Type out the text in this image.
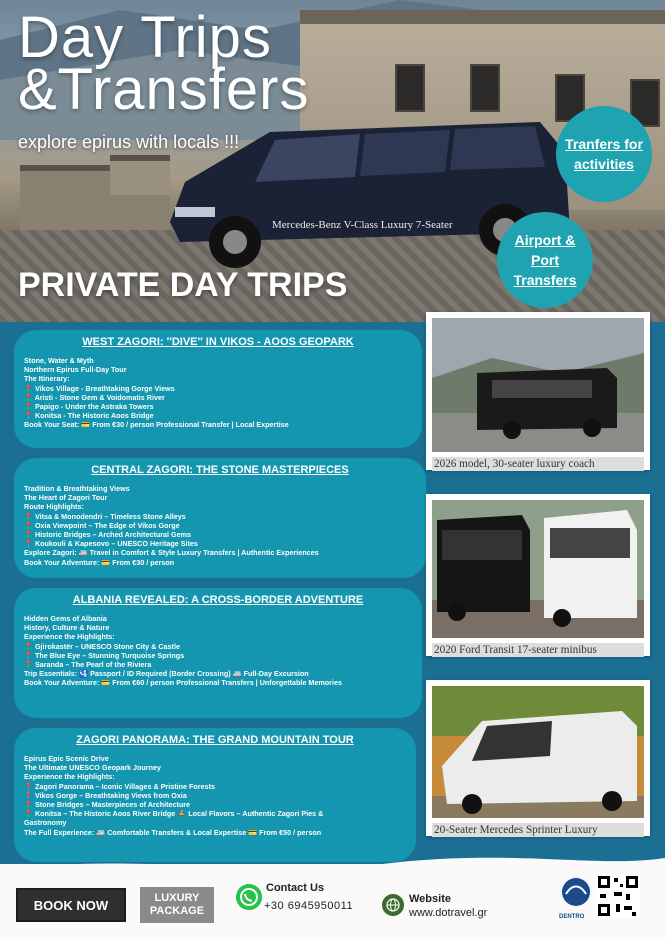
Day Trips
&Transfers
explore epirus with locals !!!
Mercedes-Benz V-Class Luxury 7-Seater
Tranfers for activities
Airport & Port Transfers
PRIVATE DAY TRIPS
WEST ZAGORI: ''DIVE'' IN VIKOS - AOOS GEOPARK
Stone, Water & Myth
Northern Epirus Full-Day Tour
The Itinerary:
📍 Vikos Village - Breathtaking Gorge Views
📍 Aristi - Stone Gem & Voidomatis River
📍 Papigo - Under the Astraka Towers
📍 Konitsa - The Historic Aoos Bridge
Book Your Seat: 💳 From €30 / person Professional Transfer | Local Expertise
CENTRAL ZAGORI: THE STONE MASTERPIECES
Tradition & Breathtaking Views
The Heart of Zagori Tour
Route Highlights:
📍 Vitsa & Monodendri – Timeless Stone Alleys
📍 Oxia Viewpoint – The Edge of Vikos Gorge
📍 Historic Bridges – Arched Architectural Gems
📍 Koukouli & Kapesovo – UNESCO Heritage Sites
Explore Zagori: 🚐 Travel in Comfort & Style Luxury Transfers | Authentic Experiences
Book Your Adventure: 💳 From €30 / person
ALBANIA REVEALED: A CROSS-BORDER ADVENTURE
Hidden Gems of Albania
History, Culture & Nature
Experience the Highlights:
📍 Gjirokastër – UNESCO Stone City & Castle
📍 The Blue Eye – Stunning Turquoise Springs
📍 Saranda – The Pearl of the Riviera
Trip Essentials: 🛂 Passport / ID Required (Border Crossing) 🚐 Full-Day Excursion
Book Your Adventure: 💳 From €60 / person Professional Transfers | Unforgettable Memories
ZAGORI PANORAMA: THE GRAND MOUNTAIN TOUR
Epirus Epic Scenic Drive
The Ultimate UNESCO Geopark Journey
Experience the Highlights:
📍 Zagori Panorama – Iconic Villages & Pristine Forests
📍 Vikos Gorge – Breathtaking Views from Oxia
📍 Stone Bridges – Masterpieces of Architecture
📍 Konitsa – The Historic Aoos River Bridge 🍲 Local Flavors – Authentic Zagori Pies &
Gastronomy
The Full Experience: 🚐 Comfortable Transfers & Local Expertise 💳 From €50 / person
2026 model, 30-seater luxury coach
2020 Ford Transit 17-seater minibus
20-Seater Mercedes Sprinter Luxury
BOOK NOW	LUXURY PACKAGE
Contact Us
+30 6945950011
Website
www.dotravel.gr	DENTRO
